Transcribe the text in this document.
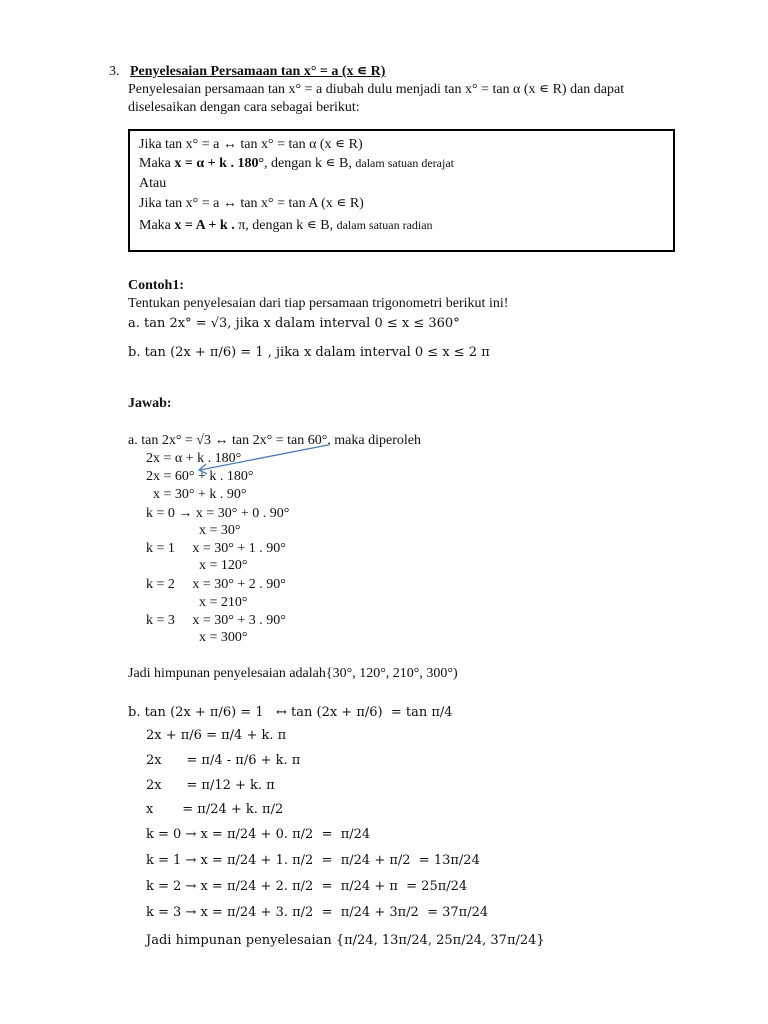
3. Penyelesaian Persamaan tan x° = a (x ∊ R)
Penyelesaian persamaan tan x° = a diubah dulu menjadi tan x° = tan α (x ∊ R) dan dapat
diselesaikan dengan cara sebagai berikut:
Jika tan x° = a ↔ tan x° = tan α (x ∊ R)
Maka x = α + k . 180°, dengan k ∊ B, dalam satuan derajat
Atau
Jika tan x° = a ↔ tan x° = tan A (x ∊ R)
Maka x = A + k . π, dengan k ∊ B, dalam satuan radian
Contoh1:
Tentukan penyelesaian dari tiap persamaan trigonometri berikut ini!
a. tan 2x° = √3, jika x dalam interval 0 ≤ x ≤ 360°
b. tan (2x + π/6) = 1 , jika x dalam interval 0 ≤ x ≤ 2 π
Jawab:
a. tan 2x° = √3 ↔ tan 2x° = tan 60°, maka diperoleh
2x = α + k . 180°
2x = 60° + k . 180°
x = 30° + k . 90°
k = 0 → x = 30° + 0 . 90°
x = 30°
k = 1     x = 30° + 1 . 90°
x = 120°
k = 2     x = 30° + 2 . 90°
x = 210°
k = 3     x = 30° + 3 . 90°
x = 300°
Jadi himpunan penyelesaian adalah{30°, 120°, 210°, 300°)
b. tan (2x + π/6) = 1   ↔ tan (2x + π/6)  = tan π/4
2x + π/6 = π/4 + k. π
2x      = π/4 - π/6 + k. π
2x      = π/12 + k. π
x       = π/24 + k. π/2
k = 0 → x = π/24 + 0. π/2  =  π/24
k = 1 → x = π/24 + 1. π/2  =  π/24 + π/2  = 13π/24
k = 2 → x = π/24 + 2. π/2  =  π/24 + π  = 25π/24
k = 3 → x = π/24 + 3. π/2  =  π/24 + 3π/2  = 37π/24
Jadi himpunan penyelesaian {π/24, 13π/24, 25π/24, 37π/24}
